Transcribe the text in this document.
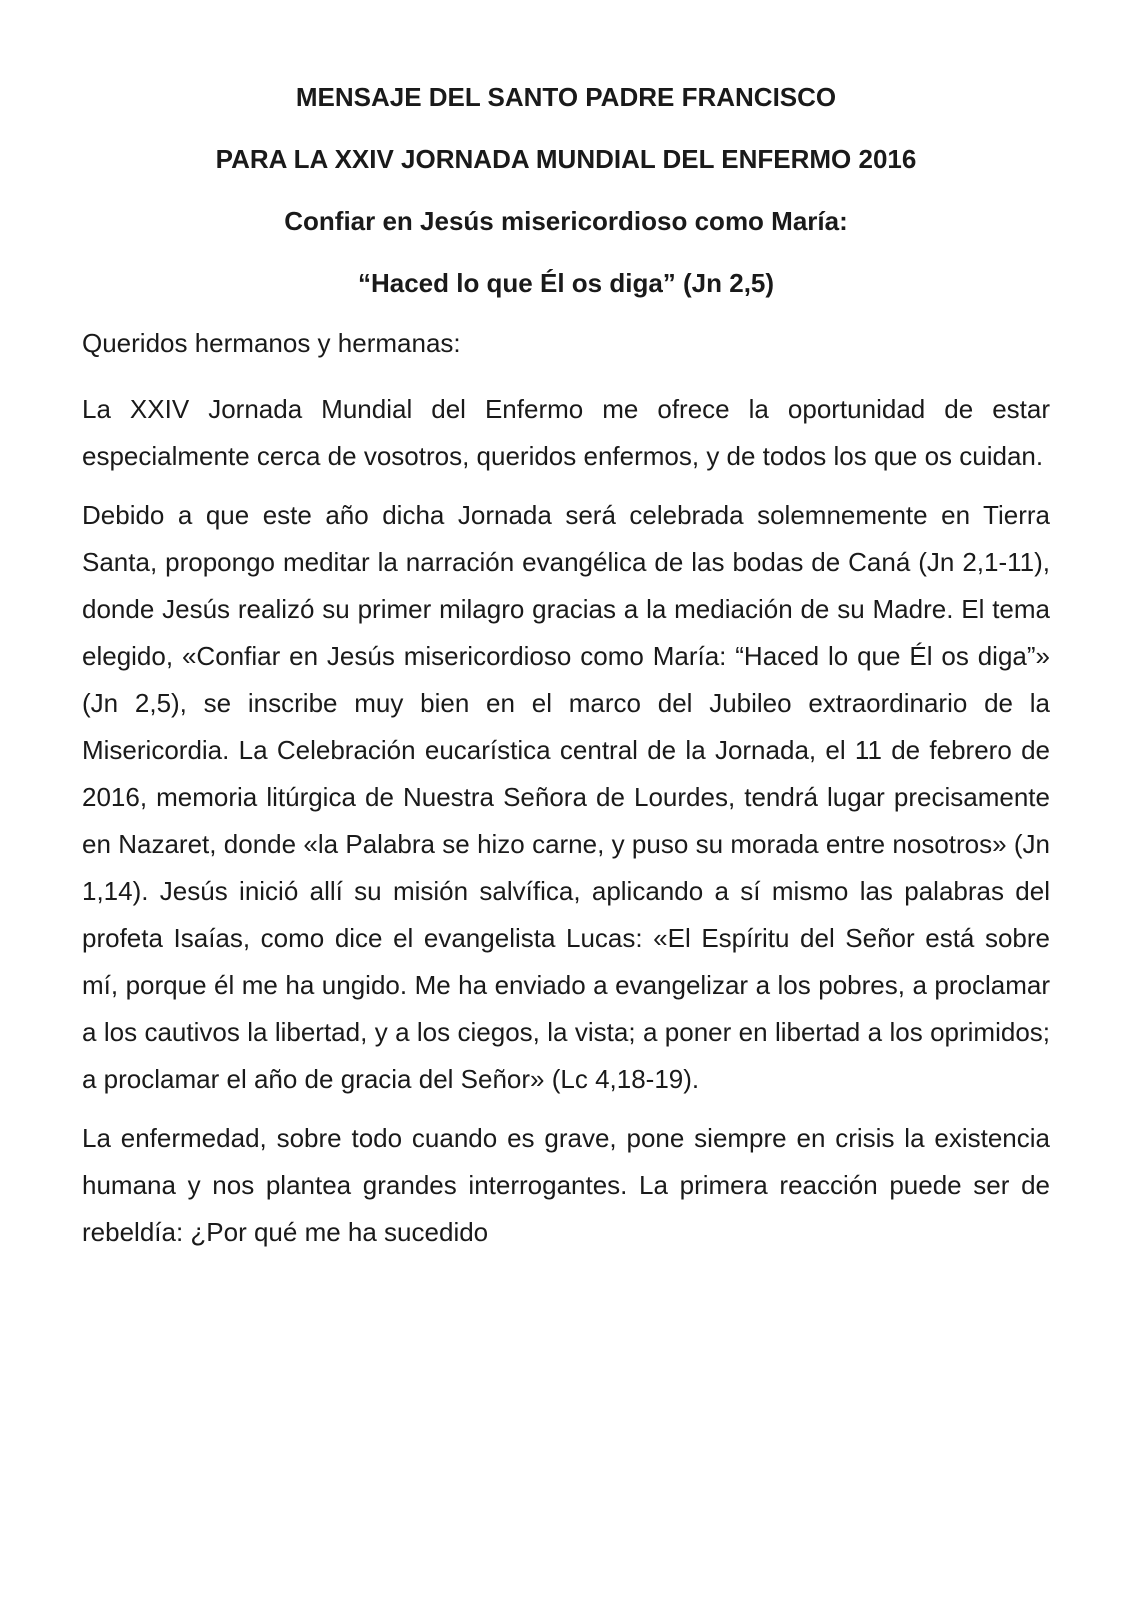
MENSAJE DEL SANTO PADRE FRANCISCO
PARA LA XXIV JORNADA MUNDIAL DEL ENFERMO 2016
Confiar en Jesús misericordioso como María:
“Haced lo que Él os diga” (Jn 2,5)
Queridos hermanos y hermanas:

La XXIV Jornada Mundial del Enfermo me ofrece la oportunidad de estar especialmente cerca de vosotros, queridos enfermos, y de todos los que os cuidan.

Debido a que este año dicha Jornada será celebrada solemnemente en Tierra Santa, propongo meditar la narración evangélica de las bodas de Caná (Jn 2,1-11), donde Jesús realizó su primer milagro gracias a la mediación de su Madre. El tema elegido, «Confiar en Jesús misericordioso como María: “Haced lo que Él os diga”» (Jn 2,5), se inscribe muy bien en el marco del Jubileo extraordinario de la Misericordia. La Celebración eucarística central de la Jornada, el 11 de febrero de 2016, memoria litúrgica de Nuestra Señora de Lourdes, tendrá lugar precisamente en Nazaret, donde «la Palabra se hizo carne, y puso su morada entre nosotros» (Jn 1,14). Jesús inició allí su misión salvífica, aplicando a sí mismo las palabras del profeta Isaías, como dice el evangelista Lucas: «El Espíritu del Señor está sobre mí, porque él me ha ungido. Me ha enviado a evangelizar a los pobres, a proclamar a los cautivos la libertad, y a los ciegos, la vista; a poner en libertad a los oprimidos; a proclamar el año de gracia del Señor» (Lc 4,18-19).

La enfermedad, sobre todo cuando es grave, pone siempre en crisis la existencia humana y nos plantea grandes interrogantes. La primera reacción puede ser de rebeldía: ¿Por qué me ha sucedido
